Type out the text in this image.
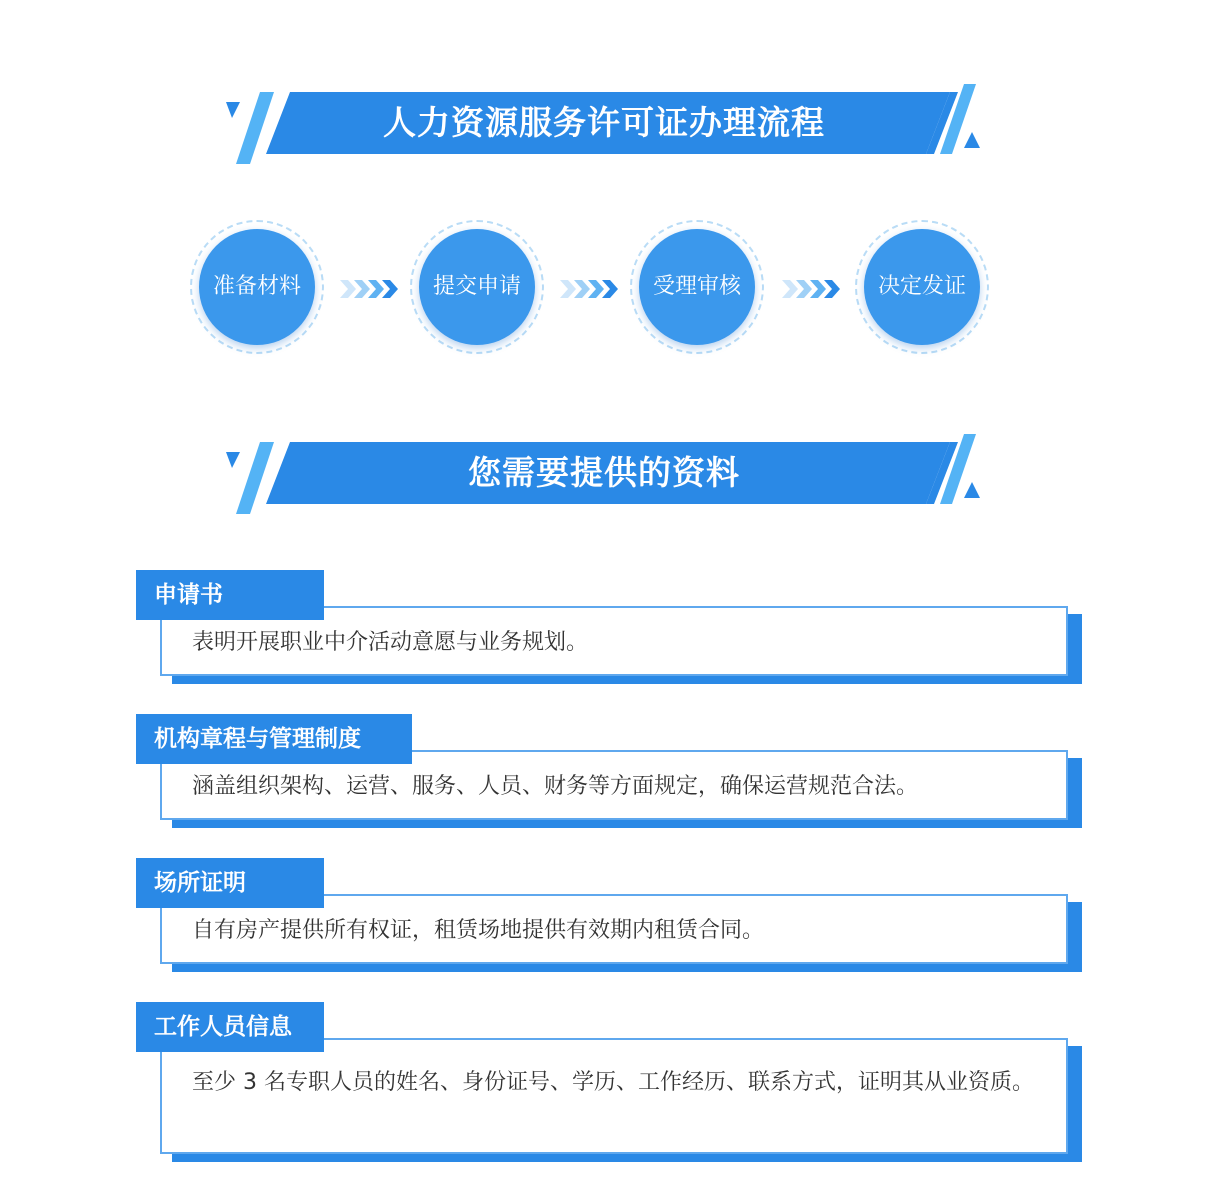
人力资源服务许可证办理流程
准备材料	提交申请	受理审核	决定发证
您需要提供的资料
申请书
表明开展职业中介活动意愿与业务规划。
机构章程与管理制度
涵盖组织架构、运营、服务、人员、财务等方面规定，确保运营规范合法。
场所证明
自有房产提供所有权证，租赁场地提供有效期内租赁合同。
工作人员信息
至少 3 名专职人员的姓名、身份证号、学历、工作经历、联系方式，证明其从业资质。
